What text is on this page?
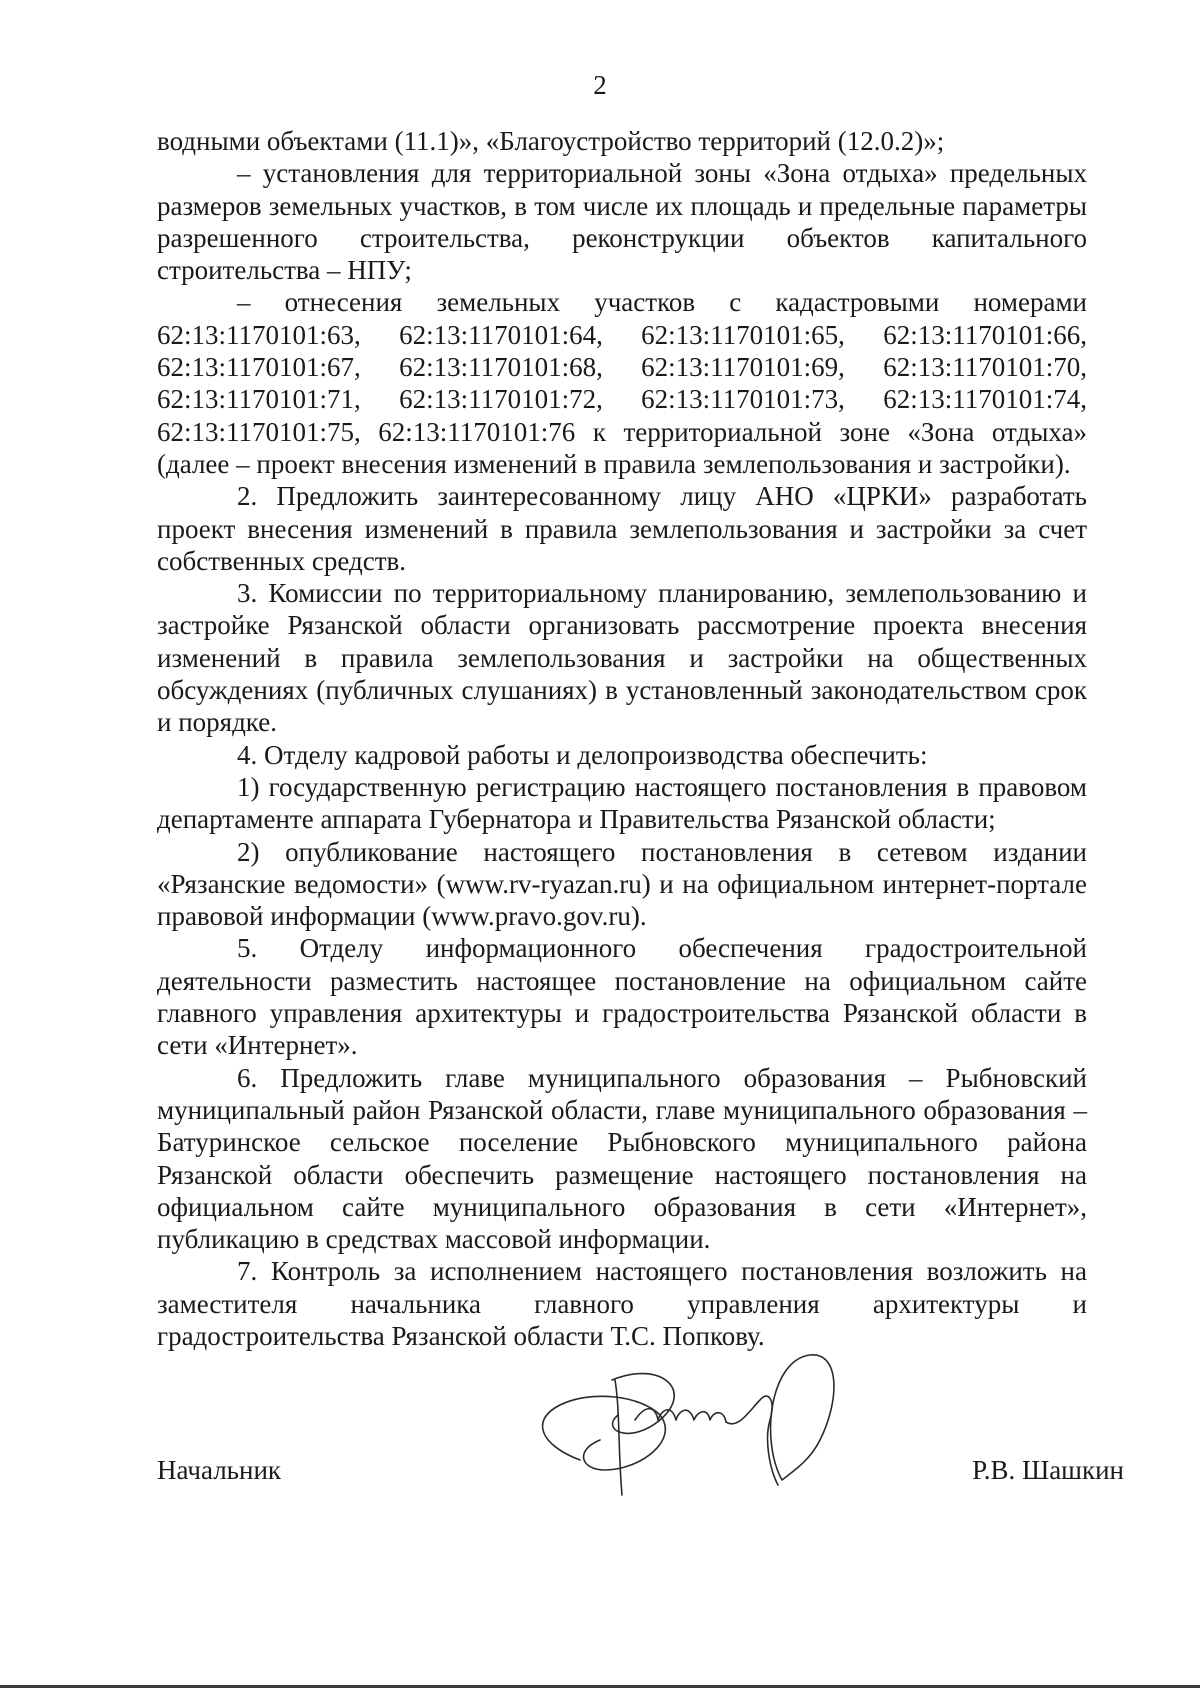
2

водными объектами (11.1)», «Благоустройство территорий (12.0.2)»;

– установления для территориальной зоны «Зона отдыха» предельных размеров земельных участков, в том числе их площадь и предельные параметры разрешенного строительства, реконструкции объектов капитального строительства – НПУ;

– отнесения земельных участков с кадастровыми номерами

62:13:1170101:63, 62:13:1170101:64, 62:13:1170101:65, 62:13:1170101:66,
62:13:1170101:67, 62:13:1170101:68, 62:13:1170101:69, 62:13:1170101:70,
62:13:1170101:71, 62:13:1170101:72, 62:13:1170101:73, 62:13:1170101:74,

62:13:1170101:75, 62:13:1170101:76 к территориальной зоне «Зона отдыха» (далее – проект внесения изменений в правила землепользования и застройки).

2. Предложить заинтересованному лицу АНО «ЦРКИ» разработать проект внесения изменений в правила землепользования и застройки за счет собственных средств.

3. Комиссии по территориальному планированию, землепользованию и застройке Рязанской области организовать рассмотрение проекта внесения изменений в правила землепользования и застройки на общественных обсуждениях (публичных слушаниях) в установленный законодательством срок и порядке.

4. Отделу кадровой работы и делопроизводства обеспечить:

1) государственную регистрацию настоящего постановления в правовом департаменте аппарата Губернатора и Правительства Рязанской области;

2) опубликование настоящего постановления в сетевом издании «Рязанские ведомости» (www.rv-ryazan.ru) и на официальном интернет-портале правовой информации (www.pravo.gov.ru).

5. Отделу информационного обеспечения градостроительной деятельности разместить настоящее постановление на официальном сайте главного управления архитектуры и градостроительства Рязанской области в сети «Интернет».

6. Предложить главе муниципального образования – Рыбновский муниципальный район Рязанской области, главе муниципального образования – Батуринское сельское поселение Рыбновского муниципального района Рязанской области обеспечить размещение настоящего постановления на официальном сайте муниципального образования в сети «Интернет», публикацию в средствах массовой информации.

7. Контроль за исполнением настоящего постановления возложить на заместителя начальника главного управления архитектуры и градостроительства Рязанской области Т.С. Попкову.

Начальник	Р.В. Шашкин
